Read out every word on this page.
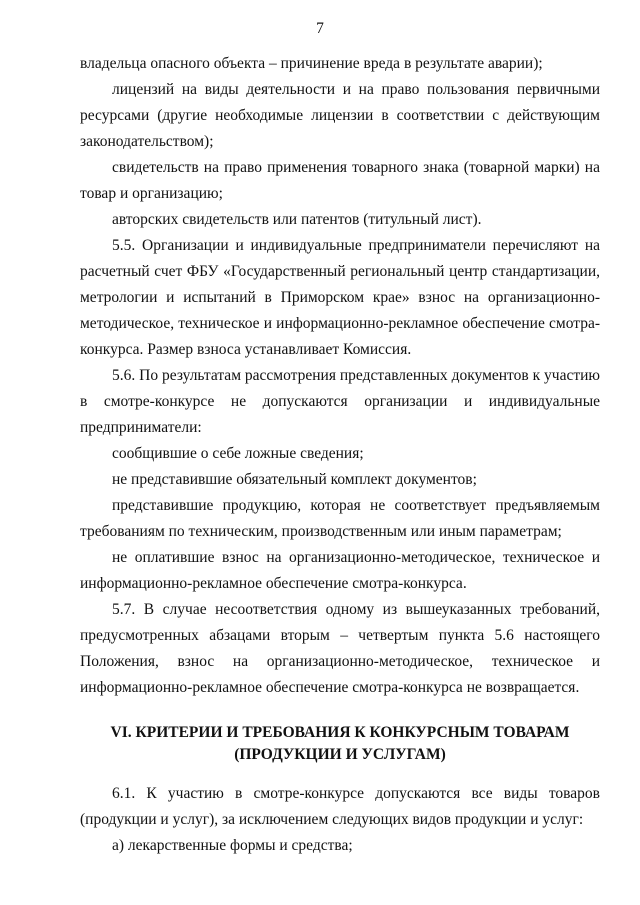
7

владельца опасного объекта – причинение вреда в результате аварии);

лицензий на виды деятельности и на право пользования первичными ресурсами (другие необходимые лицензии в соответствии с действующим законодательством);

свидетельств на право применения товарного знака (товарной марки) на товар и организацию;

авторских свидетельств или патентов (титульный лист).

5.5. Организации и индивидуальные предприниматели перечисляют на расчетный счет ФБУ «Государственный региональный центр стандартизации, метрологии и испытаний в Приморском крае» взнос на организационно-методическое, техническое и информационно-рекламное обеспечение смотра-конкурса. Размер взноса устанавливает Комиссия.

5.6. По результатам рассмотрения представленных документов к участию в смотре-конкурсе не допускаются организации и индивидуальные предприниматели:

сообщившие о себе ложные сведения;

не представившие обязательный комплект документов;

представившие продукцию, которая не соответствует предъявляемым требованиям по техническим, производственным или иным параметрам;

не оплатившие взнос на организационно-методическое, техническое и информационно-рекламное обеспечение смотра-конкурса.

5.7. В случае несоответствия одному из вышеуказанных требований, предусмотренных абзацами вторым – четвертым пункта 5.6 настоящего Положения, взнос на организационно-методическое, техническое и информационно-рекламное обеспечение смотра-конкурса не возвращается.

VI. КРИТЕРИИ И ТРЕБОВАНИЯ К КОНКУРСНЫМ ТОВАРАМ
(ПРОДУКЦИИ И УСЛУГАМ)

6.1. К участию в смотре-конкурсе допускаются все виды товаров (продукции и услуг), за исключением следующих видов продукции и услуг:

а) лекарственные формы и средства;
